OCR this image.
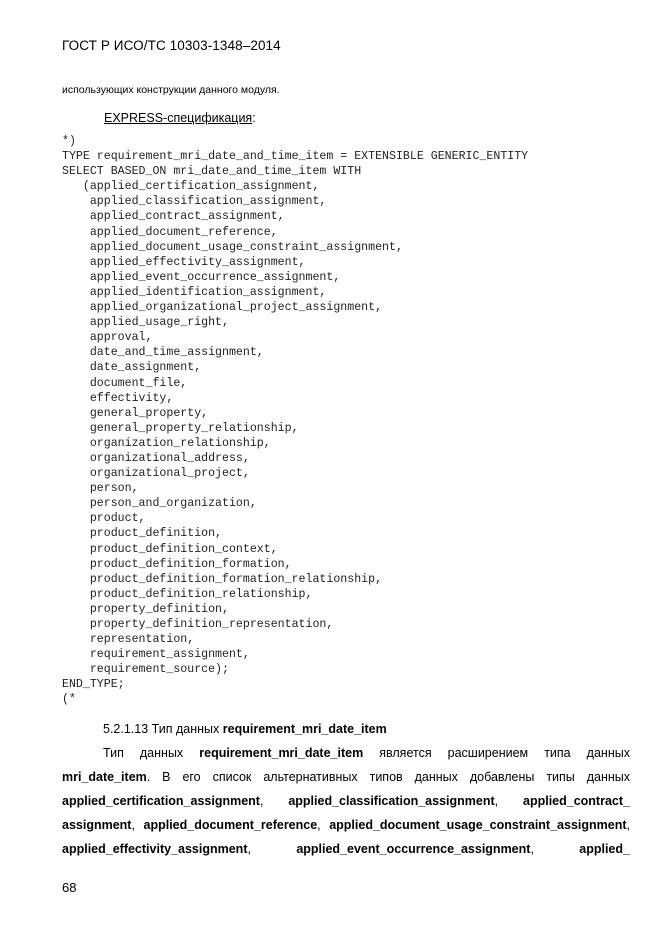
ГОСТ Р ИСО/ТС 10303-1348–2014
использующих конструкции данного модуля.
EXPRESS-спецификация:
*)
TYPE requirement_mri_date_and_time_item = EXTENSIBLE GENERIC_ENTITY
SELECT BASED_ON mri_date_and_time_item WITH
(applied_certification_assignment,
applied_classification_assignment,
applied_contract_assignment,
applied_document_reference,
applied_document_usage_constraint_assignment,
applied_effectivity_assignment,
applied_event_occurrence_assignment,
applied_identification_assignment,
applied_organizational_project_assignment,
applied_usage_right,
approval,
date_and_time_assignment,
date_assignment,
document_file,
effectivity,
general_property,
general_property_relationship,
organization_relationship,
organizational_address,
organizational_project,
person,
person_and_organization,
product,
product_definition,
product_definition_context,
product_definition_formation,
product_definition_formation_relationship,
product_definition_relationship,
property_definition,
property_definition_representation,
representation,
requirement_assignment,
requirement_source);
END_TYPE;
(*
5.2.1.13 Тип данных requirement_mri_date_item
Тип данных requirement_mri_date_item является расширением типа данных
mri_date_item. В его список альтернативных типов данных добавлены типы данных
applied_certification_assignment, applied_classification_assignment, applied_contract_
assignment, applied_document_reference, applied_document_usage_constraint_assignment,
applied_effectivity_assignment,	applied_event_occurrence_assignment,	applied_
68
